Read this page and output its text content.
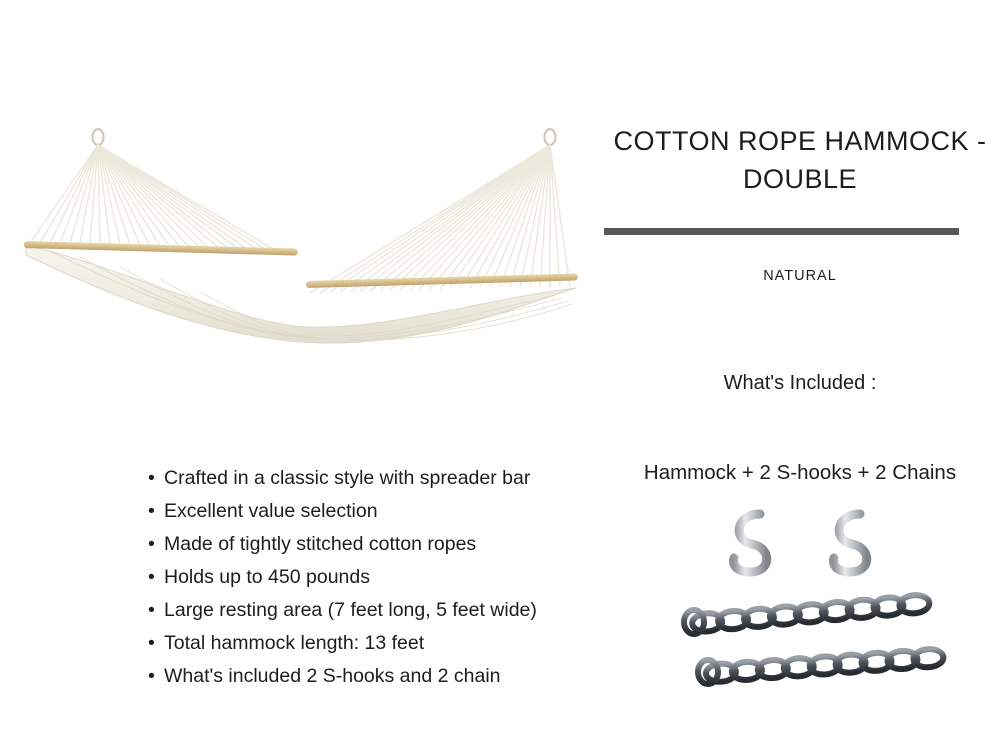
• Crafted in a classic style with spreader bar
• Excellent value selection
• Made of tightly stitched cotton ropes
• Holds up to 450 pounds
• Large resting area (7 feet long, 5 feet wide)
• Total hammock length: 13 feet
• What's included 2 S-hooks and 2 chain
COTTON ROPE HAMMOCK - DOUBLE
NATURAL
What's Included :
Hammock + 2 S-hooks + 2 Chains
